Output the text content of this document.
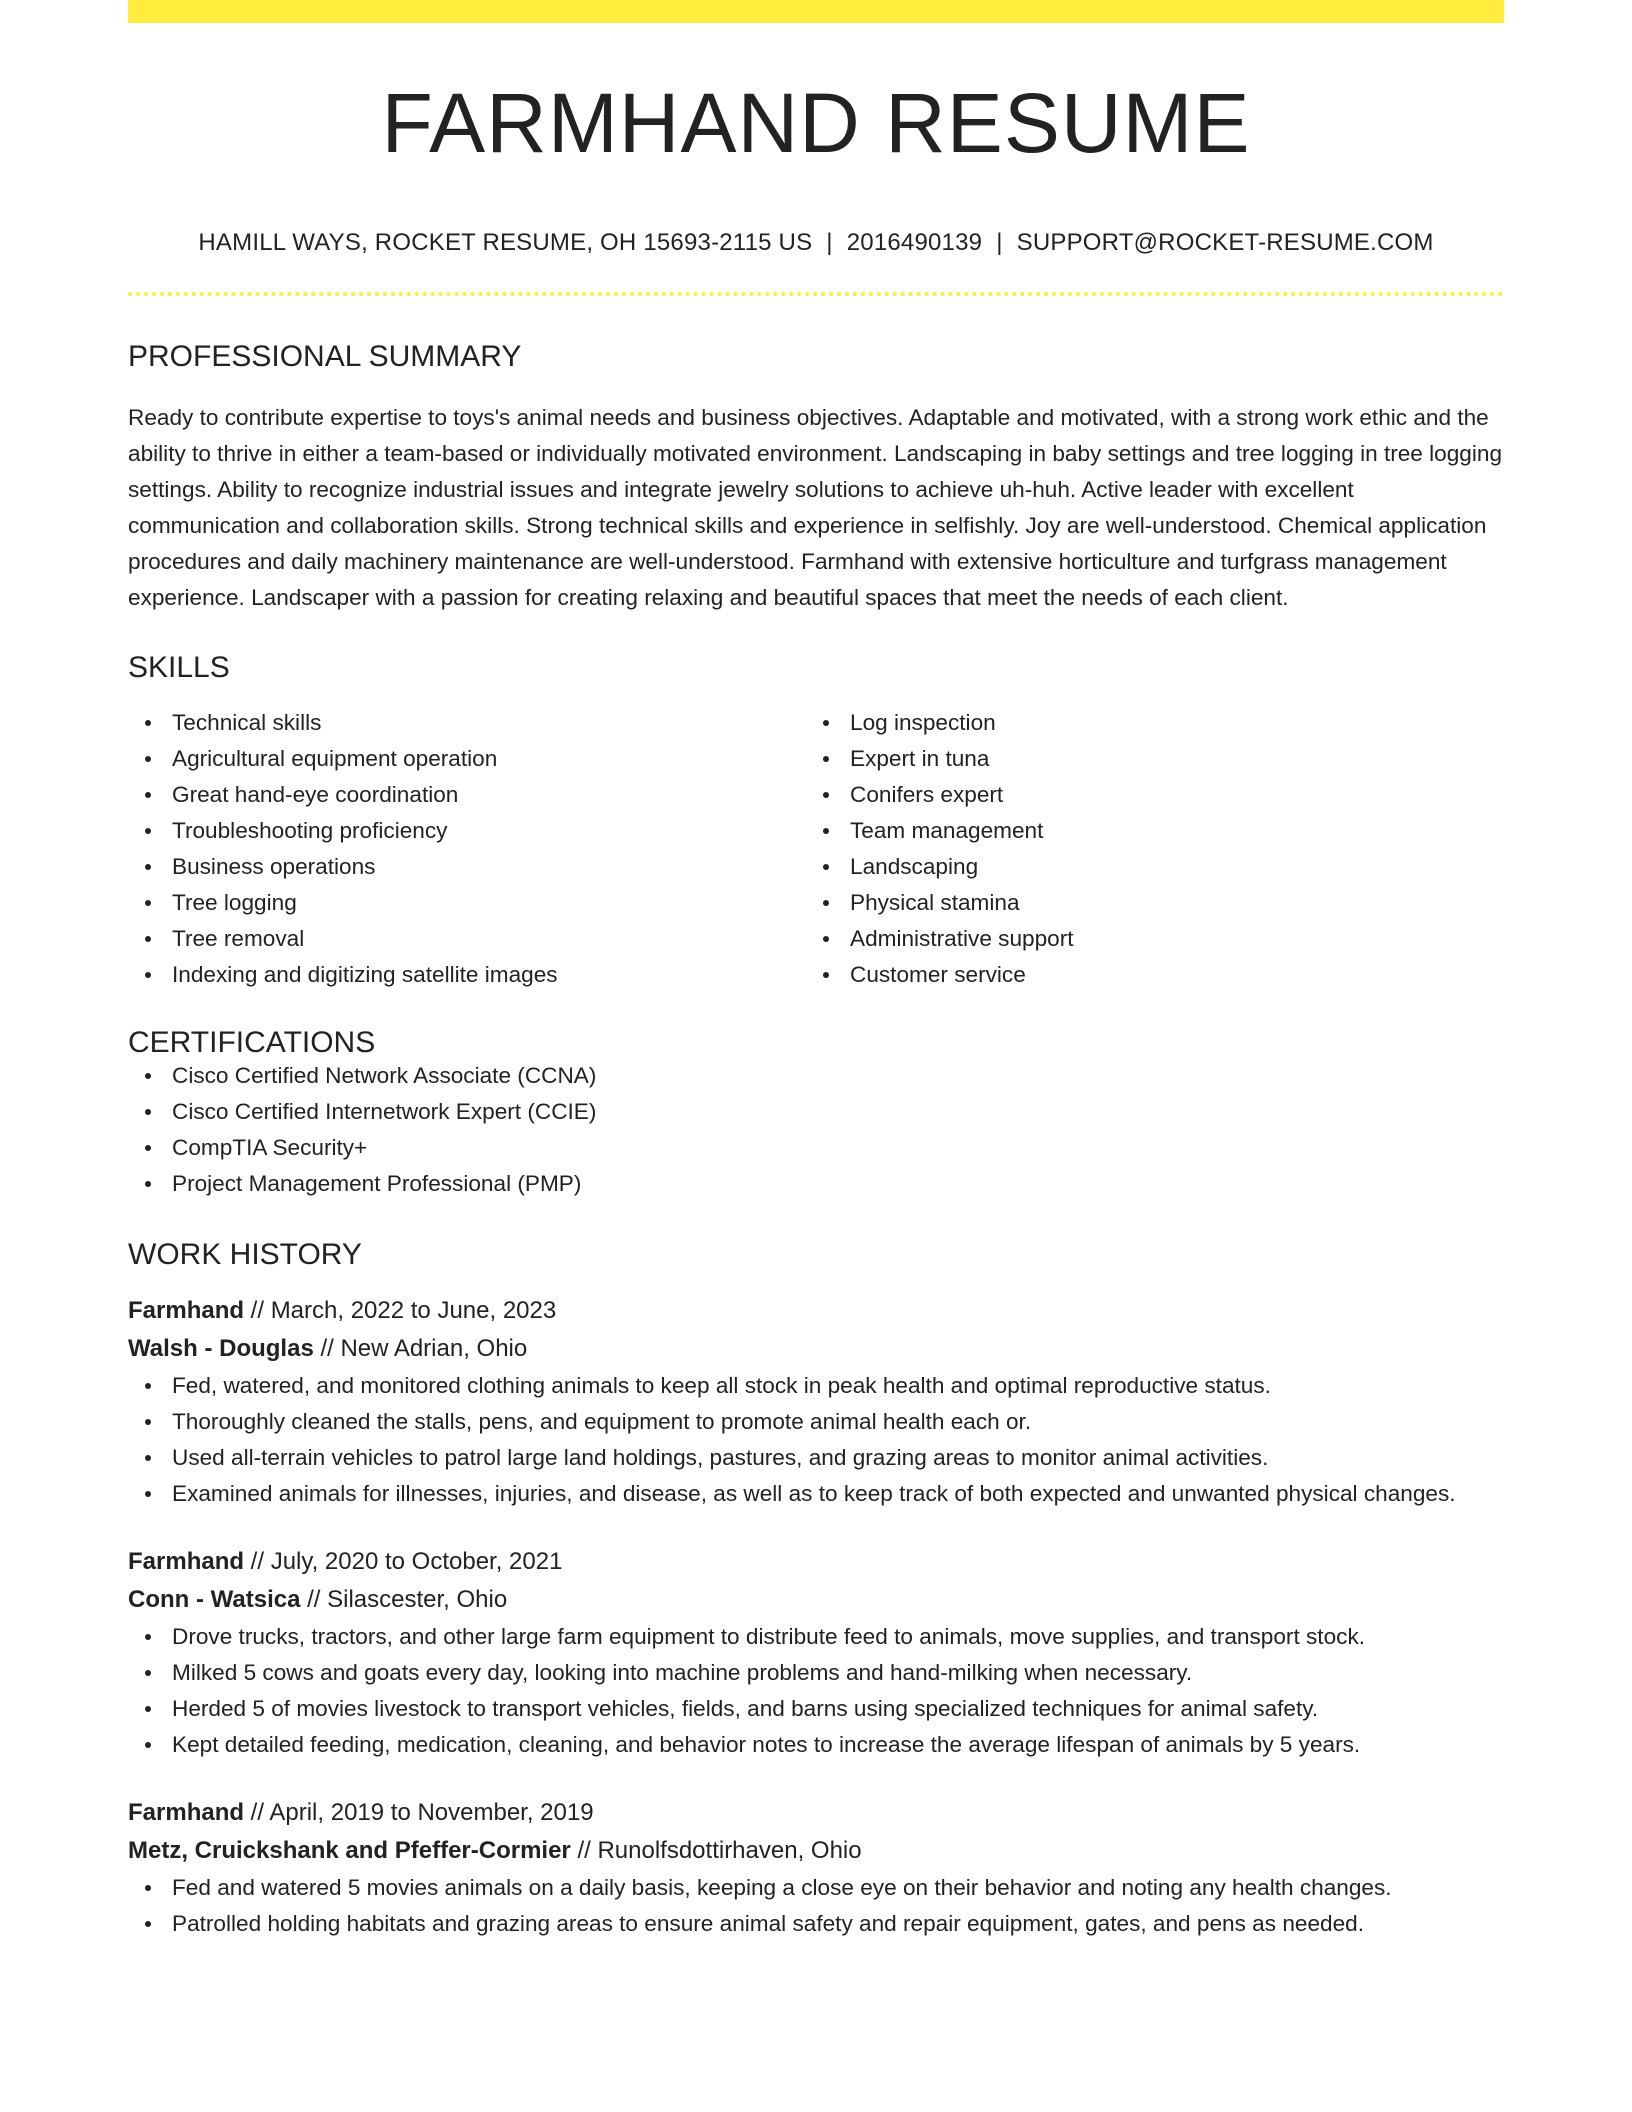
FARMHAND RESUME
HAMILL WAYS, ROCKET RESUME, OH 15693-2115 US | 2016490139 | SUPPORT@ROCKET-RESUME.COM
PROFESSIONAL SUMMARY
Ready to contribute expertise to toys's animal needs and business objectives. Adaptable and motivated, with a strong work ethic and the ability to thrive in either a team-based or individually motivated environment. Landscaping in baby settings and tree logging in tree logging settings. Ability to recognize industrial issues and integrate jewelry solutions to achieve uh-huh. Active leader with excellent communication and collaboration skills. Strong technical skills and experience in selfishly. Joy are well-understood. Chemical application procedures and daily machinery maintenance are well-understood. Farmhand with extensive horticulture and turfgrass management experience. Landscaper with a passion for creating relaxing and beautiful spaces that meet the needs of each client.
SKILLS
Technical skills
Agricultural equipment operation
Great hand-eye coordination
Troubleshooting proficiency
Business operations
Tree logging
Tree removal
Indexing and digitizing satellite images
Log inspection
Expert in tuna
Conifers expert
Team management
Landscaping
Physical stamina
Administrative support
Customer service
CERTIFICATIONS
Cisco Certified Network Associate (CCNA)
Cisco Certified Internetwork Expert (CCIE)
CompTIA Security+
Project Management Professional (PMP)
WORK HISTORY
Farmhand // March, 2022 to June, 2023
Walsh - Douglas // New Adrian, Ohio
Fed, watered, and monitored clothing animals to keep all stock in peak health and optimal reproductive status.
Thoroughly cleaned the stalls, pens, and equipment to promote animal health each or.
Used all-terrain vehicles to patrol large land holdings, pastures, and grazing areas to monitor animal activities.
Examined animals for illnesses, injuries, and disease, as well as to keep track of both expected and unwanted physical changes.
Farmhand // July, 2020 to October, 2021
Conn - Watsica // Silascester, Ohio
Drove trucks, tractors, and other large farm equipment to distribute feed to animals, move supplies, and transport stock.
Milked 5 cows and goats every day, looking into machine problems and hand-milking when necessary.
Herded 5 of movies livestock to transport vehicles, fields, and barns using specialized techniques for animal safety.
Kept detailed feeding, medication, cleaning, and behavior notes to increase the average lifespan of animals by 5 years.
Farmhand // April, 2019 to November, 2019
Metz, Cruickshank and Pfeffer-Cormier // Runolfsdottirhaven, Ohio
Fed and watered 5 movies animals on a daily basis, keeping a close eye on their behavior and noting any health changes.
Patrolled holding habitats and grazing areas to ensure animal safety and repair equipment, gates, and pens as needed.
